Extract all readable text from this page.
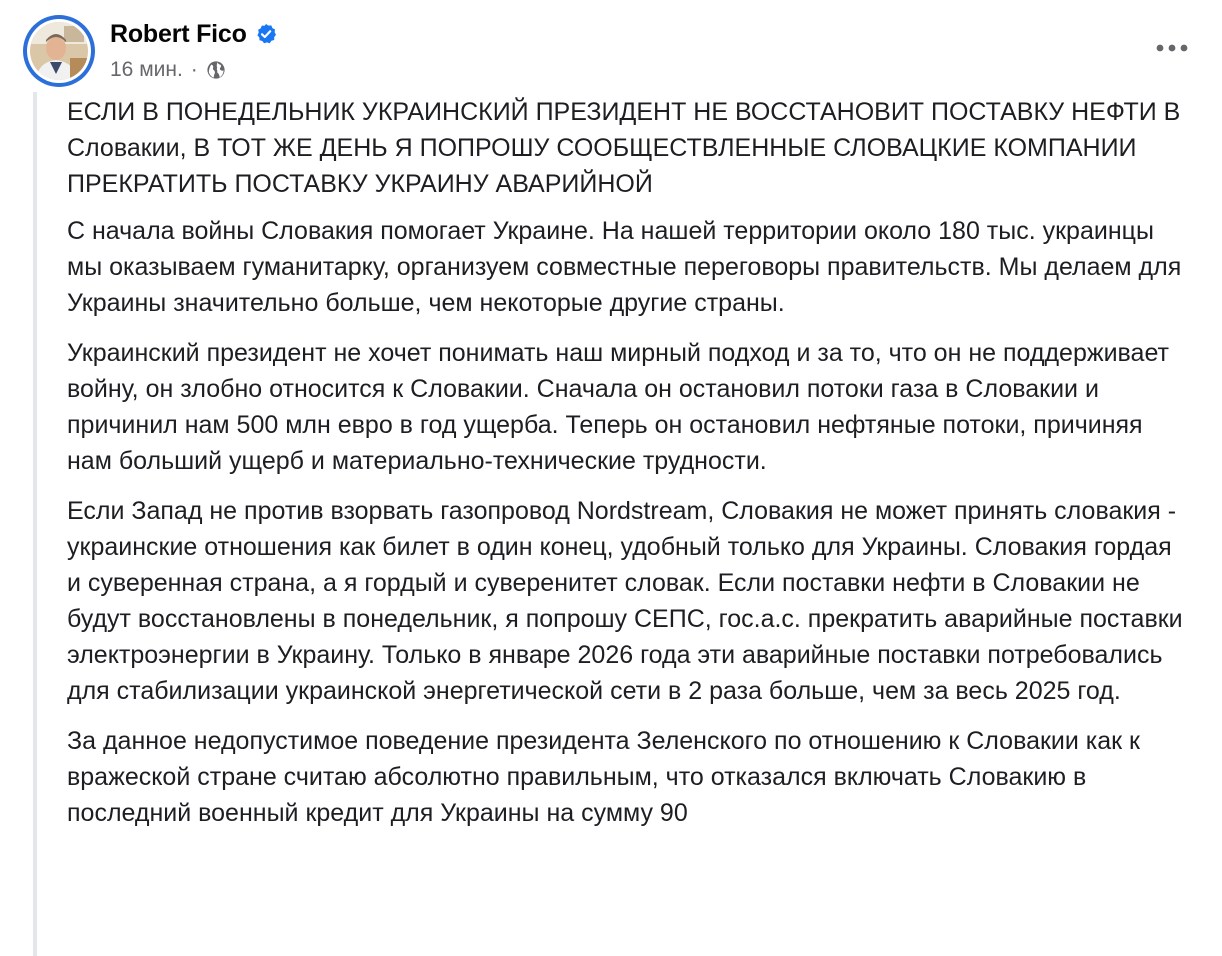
Robert Fico
16 мин. ·

ЕСЛИ В ПОНЕДЕЛЬНИК УКРАИНСКИЙ ПРЕЗИДЕНТ НЕ ВОССТАНОВИТ ПОСТАВКУ НЕФТИ В Словакии, В ТОТ ЖЕ ДЕНЬ Я ПОПРОШУ СООБЩЕСТВЛЕННЫЕ СЛОВАЦКИЕ КОМПАНИИ ПРЕКРАТИТЬ ПОСТАВКУ УКРАИНУ АВАРИЙНОЙ

С начала войны Словакия помогает Украине. На нашей территории около 180 тыс. украинцы мы оказываем гуманитарку, организуем совместные переговоры правительств. Мы делаем для Украины значительно больше, чем некоторые другие страны.

Украинский президент не хочет понимать наш мирный подход и за то, что он не поддерживает войну, он злобно относится к Словакии. Сначала он остановил потоки газа в Словакии и причинил нам 500 млн евро в год ущерба. Теперь он остановил нефтяные потоки, причиняя нам больший ущерб и материально-технические трудности.

Если Запад не против взорвать газопровод Nordstream, Словакия не может принять словакия - украинские отношения как билет в один конец, удобный только для Украины. Словакия гордая и суверенная страна, а я гордый и суверенитет словак. Если поставки нефти в Словакии не будут восстановлены в понедельник, я попрошу СЕПС, гос.а.с. прекратить аварийные поставки электроэнергии в Украину. Только в январе 2026 года эти аварийные поставки потребовались для стабилизации украинской энергетической сети в 2 раза больше, чем за весь 2025 год.

За данное недопустимое поведение президента Зеленского по отношению к Словакии как к вражеской стране считаю абсолютно правильным, что отказался включать Словакию в последний военный кредит для Украины на сумму 90
